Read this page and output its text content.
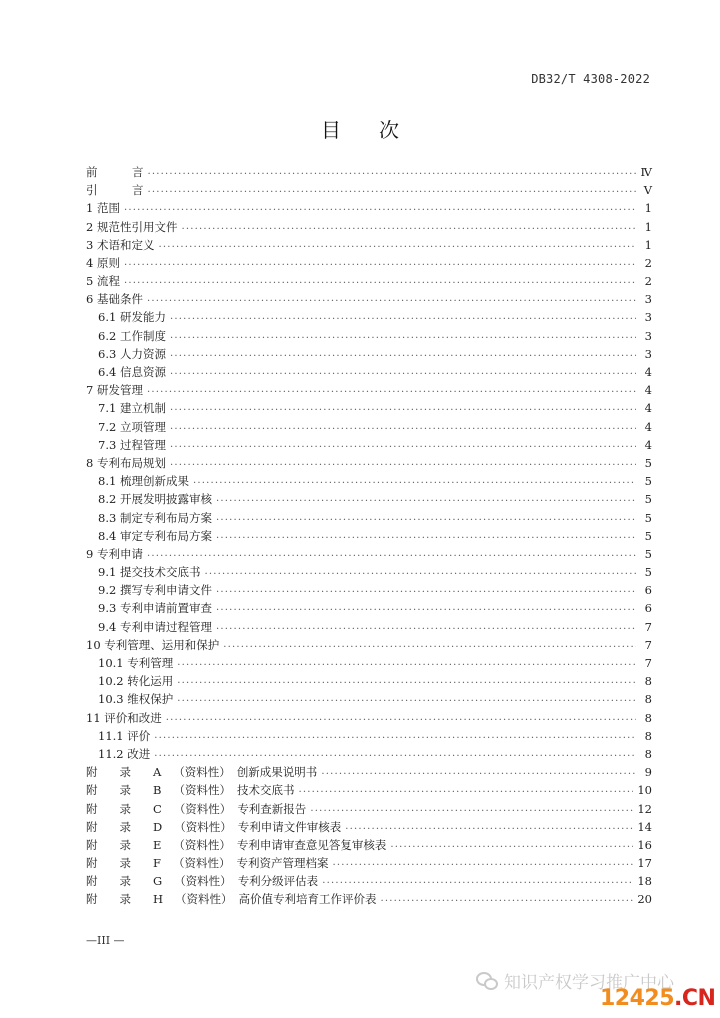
DB32/T 4308-2022
目次
前　　　言 .....	Ⅳ
引　　　言 .....	Ⅴ
1 范围 .....	1
2 规范性引用文件 .....	1
3 术语和定义 .....	1
4 原则 .....	2
5 流程 .....	2
6 基础条件 .....	3
6.1 研发能力 .....	3
6.2 工作制度 .....	3
6.3 人力资源 .....	3
6.4 信息资源 .....	4
7 研发管理 .....	4
7.1 建立机制 .....	4
7.2 立项管理 .....	4
7.3 过程管理 .....	4
8 专利布局规划 .....	5
8.1 梳理创新成果 .....	5
8.2 开展发明披露审核 .....	5
8.3 制定专利布局方案 .....	5
8.4 审定专利布局方案 .....	5
9 专利申请 .....	5
9.1 提交技术交底书 .....	5
9.2 撰写专利申请文件 .....	6
9.3 专利申请前置审查 .....	6
9.4 专利申请过程管理 .....	7
10 专利管理、运用和保护 .....	7
10.1 专利管理 .....	7
10.2 转化运用 .....	8
10.3 维权保护 .....	8
11 评价和改进 .....	8
11.1 评价 .....	8
11.2 改进 .....	8
附 录 A （资料性） 创新成果说明书 .....	9
附 录 B （资料性） 技术交底书 .....	10
附 录 C （资料性） 专利查新报告 .....	12
附 录 D （资料性） 专利申请文件审核表 .....	14
附 录 E （资料性） 专利申请审查意见答复审核表 .....	16
附 录 F （资料性） 专利资产管理档案 .....	17
附 录 G （资料性） 专利分级评估表 .....	18
附 录 H （资料性） 高价值专利培育工作评价表 .....	20
—III —
知识产权学习推广中心
12425.CN
